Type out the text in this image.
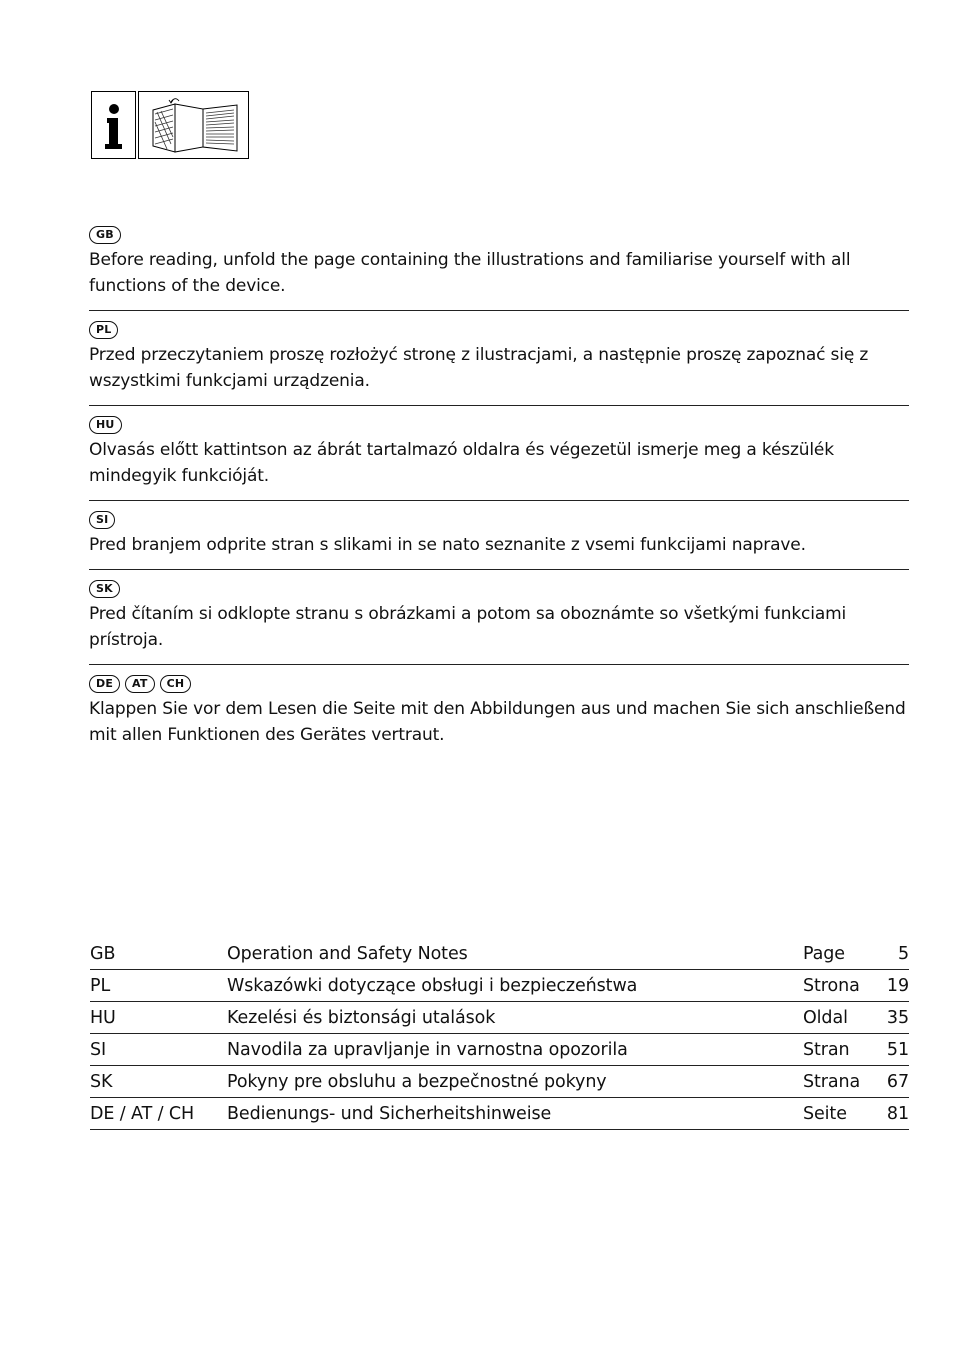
GB

Before reading, unfold the page containing the illustrations and familiarise yourself with all functions of the device.

PL

Przed przeczytaniem proszę rozłożyć stronę z ilustracjami, a następnie proszę zapoznać się z wszystkimi funkcjami urządzenia.

HU

Olvasás előtt kattintson az ábrát tartalmazó oldalra és végezetül ismerje meg a készülék mindegyik funkcióját.

SI

Pred branjem odprite stran s slikami in se nato seznanite z vsemi funkcijami naprave.

SK

Pred čítaním si odklopte stranu s obrázkami a potom sa oboznámte so všetkými funkciami prístroja.

DE	AT	CH

Klappen Sie vor dem Lesen die Seite mit den Abbildungen aus und machen Sie sich anschließend mit allen Funktionen des Gerätes vertraut.

GB	Operation and Safety Notes	Page	5
PL	Wskazówki dotyczące obsługi i bezpieczeństwa	Strona	19
HU	Kezelési és biztonsági utalások	Oldal	35
SI	Navodila za upravljanje in varnostna opozorila	Stran	51
SK	Pokyny pre obsluhu a bezpečnostné pokyny	Strana	67
DE / AT / CH	Bedienungs- und Sicherheitshinweise	Seite	81
